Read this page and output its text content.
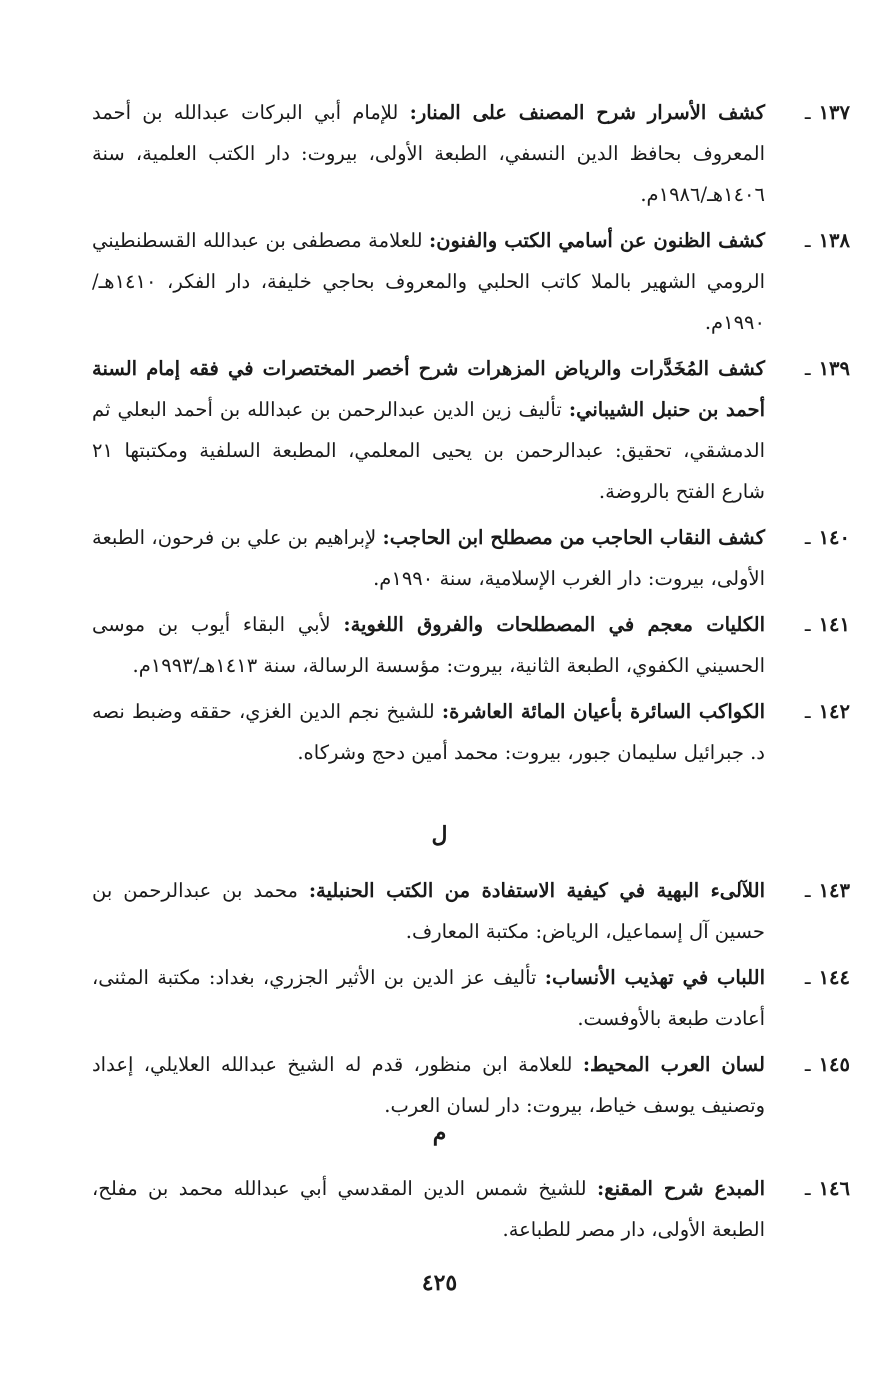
١٣٧ـ
كشف الأسرار شرح المصنف على المنار: للإمام أبي البركات عبدالله بن أحمد المعروف بحافظ الدين النسفي، الطبعة الأولى، بيروت: دار الكتب العلمية، سنة ١٤٠٦هـ/١٩٨٦م.
١٣٨ـ
كشف الظنون عن أسامي الكتب والفنون: للعلامة مصطفى بن عبدالله القسطنطيني الرومي الشهير بالملا كاتب الحلبي والمعروف بحاجي خليفة، دار الفكر، ١٤١٠هـ/١٩٩٠م.
١٣٩ـ
كشف المُخَدَّرات والرياض المزهرات شرح أخصر المختصرات في فقه إمام السنة أحمد بن حنبل الشيباني: تأليف زين الدين عبدالرحمن بن عبدالله بن أحمد البعلي ثم الدمشقي، تحقيق: عبدالرحمن بن يحيى المعلمي، المطبعة السلفية ومكتبتها ٢١ شارع الفتح بالروضة.
١٤٠ـ
كشف النقاب الحاجب من مصطلح ابن الحاجب: لإبراهيم بن علي بن فرحون، الطبعة الأولى، بيروت: دار الغرب الإسلامية، سنة ١٩٩٠م.
١٤١ـ
الكليات معجم في المصطلحات والفروق اللغوية: لأبي البقاء أيوب بن موسى الحسيني الكفوي، الطبعة الثانية، بيروت: مؤسسة الرسالة، سنة ١٤١٣هـ/١٩٩٣م.
١٤٢ـ
الكواكب السائرة بأعيان المائة العاشرة: للشيخ نجم الدين الغزي، حققه وضبط نصه د. جبرائيل سليمان جبور، بيروت: محمد أمين دحج وشركاه.
ل
١٤٣ـ
اللآلىء البهية في كيفية الاستفادة من الكتب الحنبلية: محمد بن عبدالرحمن بن حسين آل إسماعيل، الرياض: مكتبة المعارف.
١٤٤ـ
اللباب في تهذيب الأنساب: تأليف عز الدين بن الأثير الجزري، بغداد: مكتبة المثنى، أعادت طبعة بالأوفست.
١٤٥ـ
لسان العرب المحيط: للعلامة ابن منظور، قدم له الشيخ عبدالله العلايلي، إعداد وتصنيف يوسف خياط، بيروت: دار لسان العرب.
م
١٤٦ـ
المبدع شرح المقنع: للشيخ شمس الدين المقدسي أبي عبدالله محمد بن مفلح، الطبعة الأولى، دار مصر للطباعة.
٤٢٥
